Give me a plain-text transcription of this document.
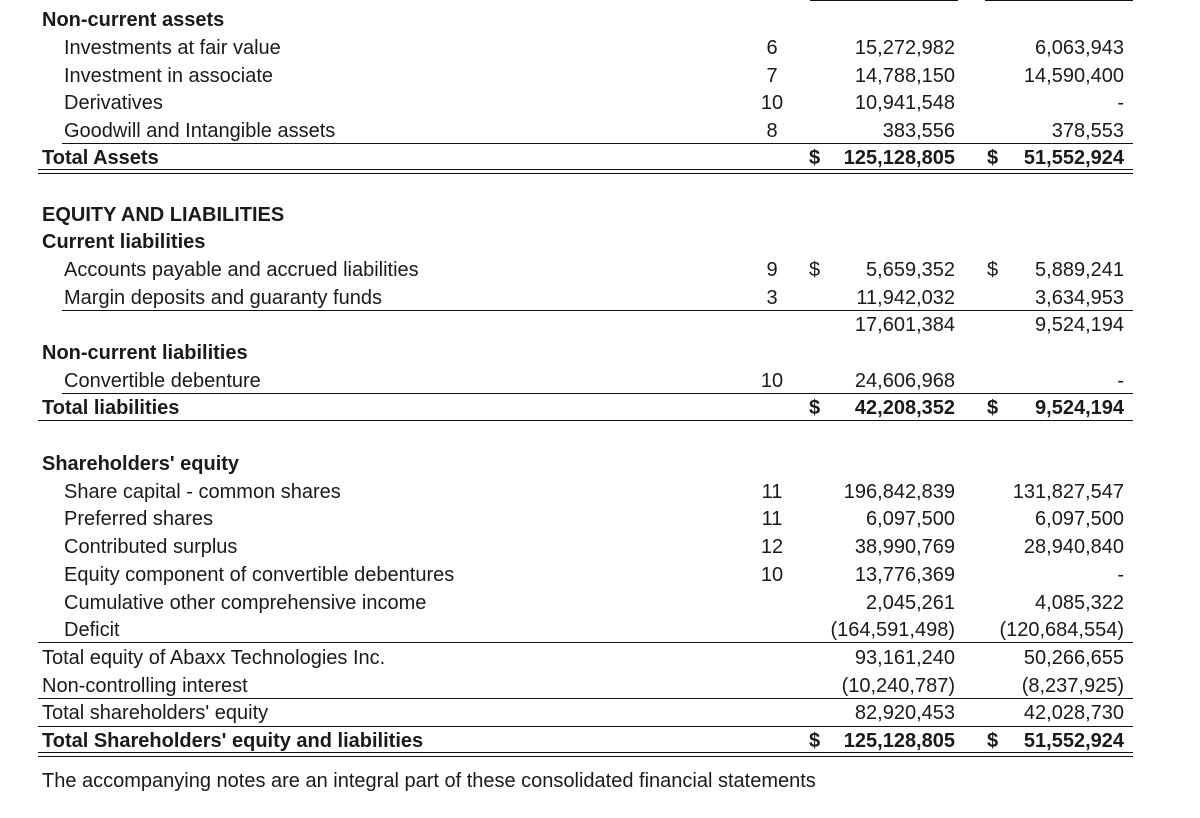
Non-current assets
Investments at fair value	6	15,272,982	6,063,943
Investment in associate	7	14,788,150	14,590,400
Derivatives	10	10,941,548	-
Goodwill and Intangible assets	8	383,556	378,553
Total Assets	$ 125,128,805 $ 51,552,924
EQUITY AND LIABILITIES
Current liabilities
Accounts payable and accrued liabilities	9	$ 5,659,352 $ 5,889,241
Margin deposits and guaranty funds	3	11,942,032	3,634,953
17,601,384	9,524,194
Non-current liabilities
Convertible debenture	10	24,606,968	-
Total liabilities	$ 42,208,352 $ 9,524,194
Shareholders' equity
Share capital - common shares	11	196,842,839	131,827,547
Preferred shares	11	6,097,500	6,097,500
Contributed surplus	12	38,990,769	28,940,840
Equity component of convertible debentures	10	13,776,369	-
Cumulative other comprehensive income	2,045,261	4,085,322
Deficit	(164,591,498) (120,684,554)
Total equity of Abaxx Technologies Inc.	93,161,240	50,266,655
Non-controlling interest	(10,240,787)	(8,237,925)
Total shareholders' equity	82,920,453	42,028,730
Total Shareholders' equity and liabilities	$ 125,128,805 $ 51,552,924
The accompanying notes are an integral part of these consolidated financial statements
